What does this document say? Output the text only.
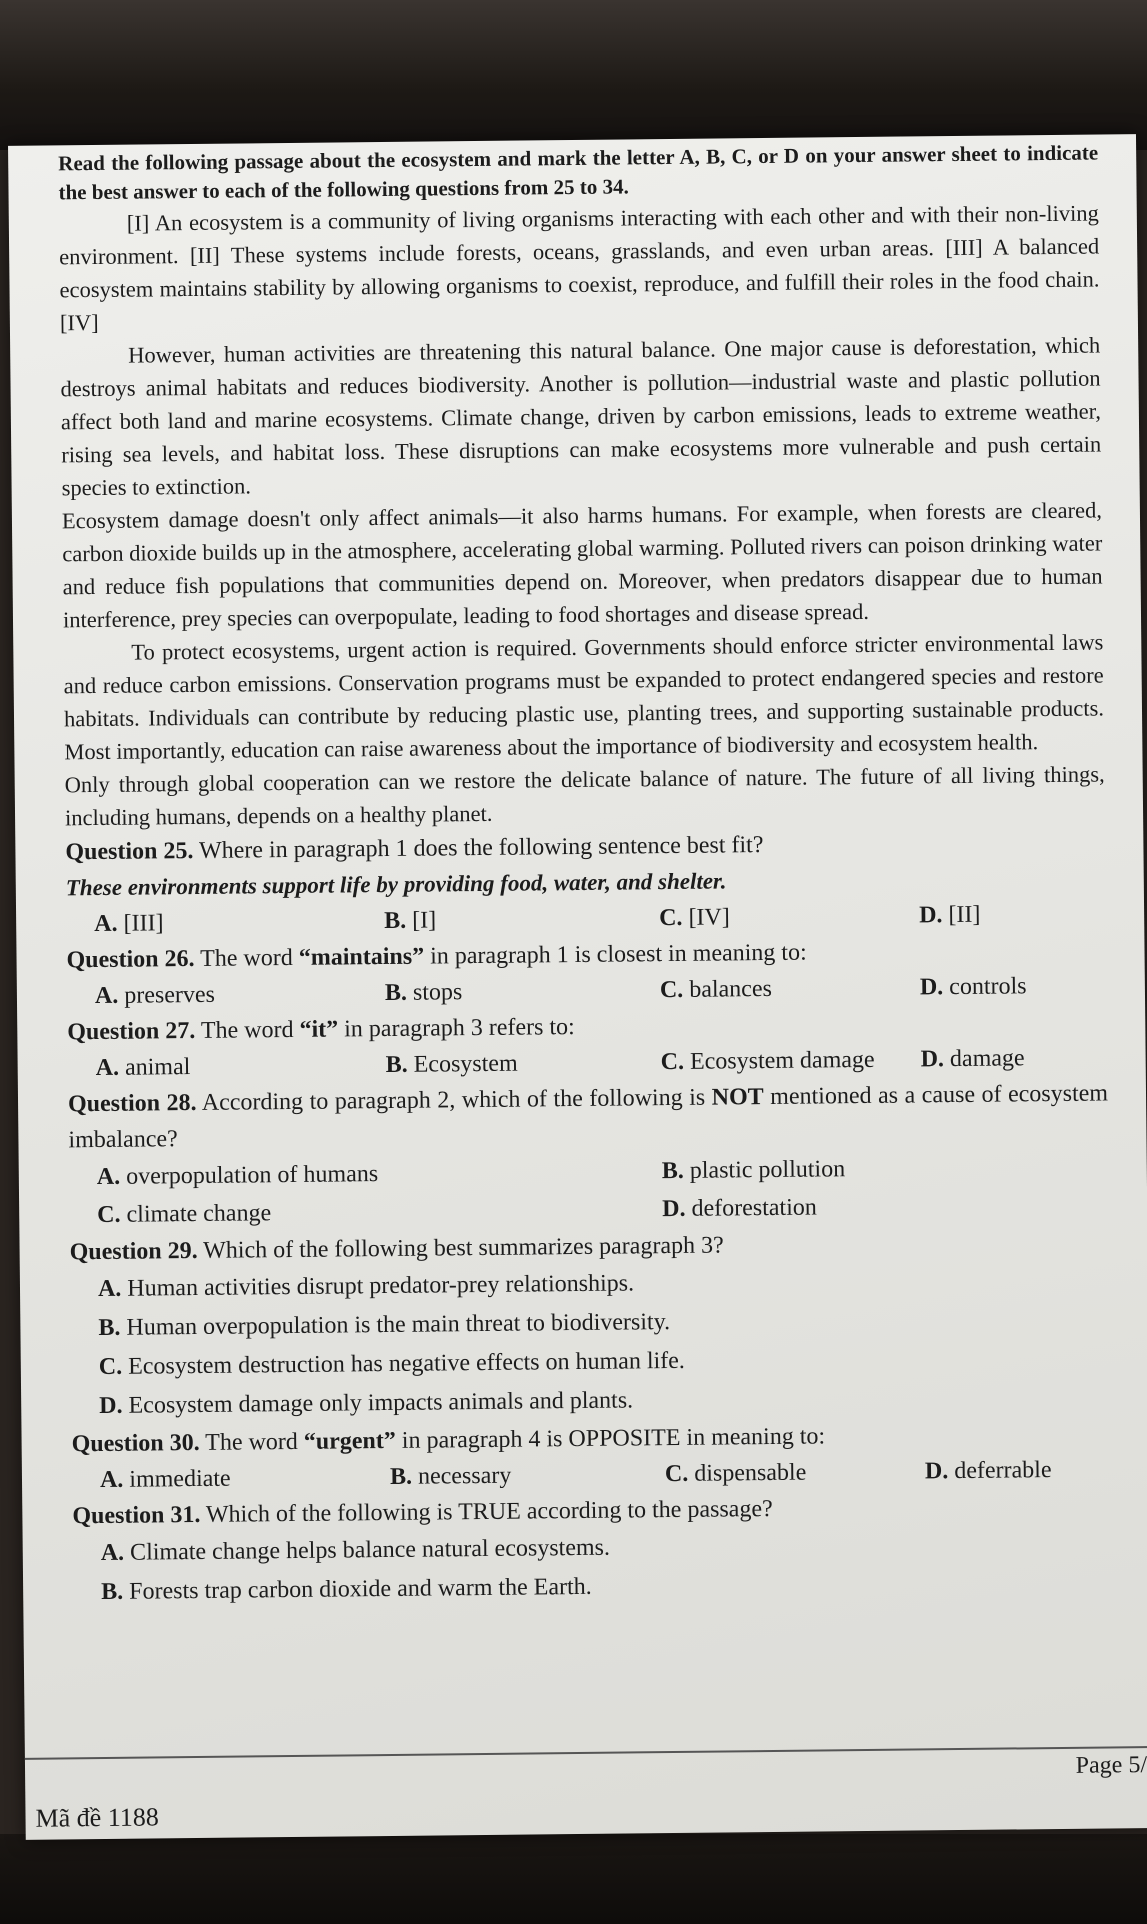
Read the following passage about the ecosystem and mark the letter A, B, C, or D on your answer sheet to indicate the best answer to each of the following questions from 25 to 34.

[I] An ecosystem is a community of living organisms interacting with each other and with their non-living environment. [II] These systems include forests, oceans, grasslands, and even urban areas. [III] A balanced ecosystem maintains stability by allowing organisms to coexist, reproduce, and fulfill their roles in the food chain. [IV]

However, human activities are threatening this natural balance. One major cause is deforestation, which destroys animal habitats and reduces biodiversity. Another is pollution—industrial waste and plastic pollution affect both land and marine ecosystems. Climate change, driven by carbon emissions, leads to extreme weather, rising sea levels, and habitat loss. These disruptions can make ecosystems more vulnerable and push certain species to extinction.

Ecosystem damage doesn't only affect animals—it also harms humans. For example, when forests are cleared, carbon dioxide builds up in the atmosphere, accelerating global warming. Polluted rivers can poison drinking water and reduce fish populations that communities depend on. Moreover, when predators disappear due to human interference, prey species can overpopulate, leading to food shortages and disease spread.

To protect ecosystems, urgent action is required. Governments should enforce stricter environmental laws and reduce carbon emissions. Conservation programs must be expanded to protect endangered species and restore habitats. Individuals can contribute by reducing plastic use, planting trees, and supporting sustainable products. Most importantly, education can raise awareness about the importance of biodiversity and ecosystem health.

Only through global cooperation can we restore the delicate balance of nature. The future of all living things, including humans, depends on a healthy planet.

Question 25. Where in paragraph 1 does the following sentence best fit?

These environments support life by providing food, water, and shelter.

A. [III]	B. [I]	C. [IV]	D. [II]

Question 26. The word “maintains” in paragraph 1 is closest in meaning to:

A. preserves	B. stops	C. balances	D. controls

Question 27. The word “it” in paragraph 3 refers to:

A. animal	B. Ecosystem	C. Ecosystem damage	D. damage

Question 28. According to paragraph 2, which of the following is NOT mentioned as a cause of ecosystem imbalance?

A. overpopulation of humans	B. plastic pollution
C. climate change	D. deforestation

Question 29. Which of the following best summarizes paragraph 3?

A. Human activities disrupt predator-prey relationships.
B. Human overpopulation is the main threat to biodiversity.
C. Ecosystem destruction has negative effects on human life.
D. Ecosystem damage only impacts animals and plants.

Question 30. The word “urgent” in paragraph 4 is OPPOSITE in meaning to:

A. immediate	B. necessary	C. dispensable	D. deferrable

Question 31. Which of the following is TRUE according to the passage?

A. Climate change helps balance natural ecosystems.
B. Forests trap carbon dioxide and warm the Earth.
Page 5/
Mã đề 1188
